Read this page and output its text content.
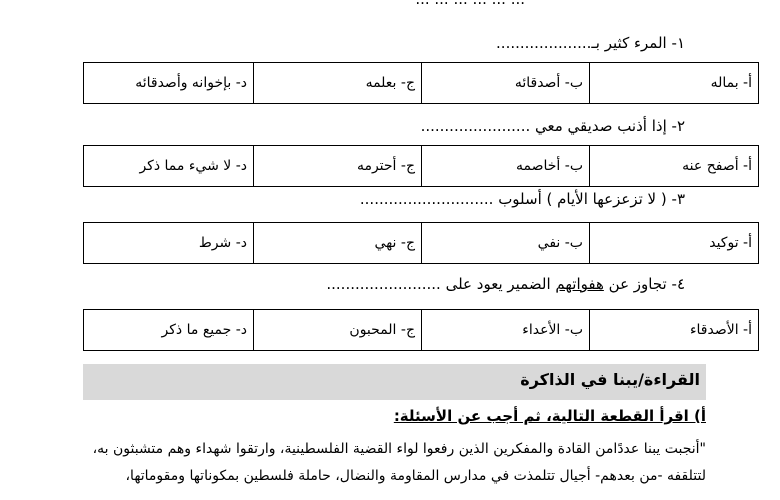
١- المرء كثير بـ....................
أ- بماله	ب- أصدقائه	ج- بعلمه	د- بإخوانه وأصدقائه
٢- إذا أذنب صديقي معي .......................
أ- أصفح عنه	ب- أخاصمه	ج- أحترمه	د- لا شيء مما ذكر
٣- ( لا تزعزعها الأيام ) أسلوب ............................
أ- توكيد	ب- نفي	ج- نهي	د- شرط
٤- تجاوز عن هفواتهم الضمير يعود على ........................
أ- الأصدقاء	ب- الأعداء	ج- المحبون	د- جميع ما ذكر
القراءة/يبنا في الذاكرة
أ) اقرأ القطعة التالية، ثم أجب عن الأسئلة:
"أنجبت يبنا عددًامن القادة والمفكرين الذين رفعوا لواء القضية الفلسطينية، وارتقوا شهداء وهم متشبثون به،
لتتلقفه -من بعدهم- أجيال تتلمذت في مدارس المقاومة والنضال، حاملة فلسطين بمكوناتها ومقوماتها،
